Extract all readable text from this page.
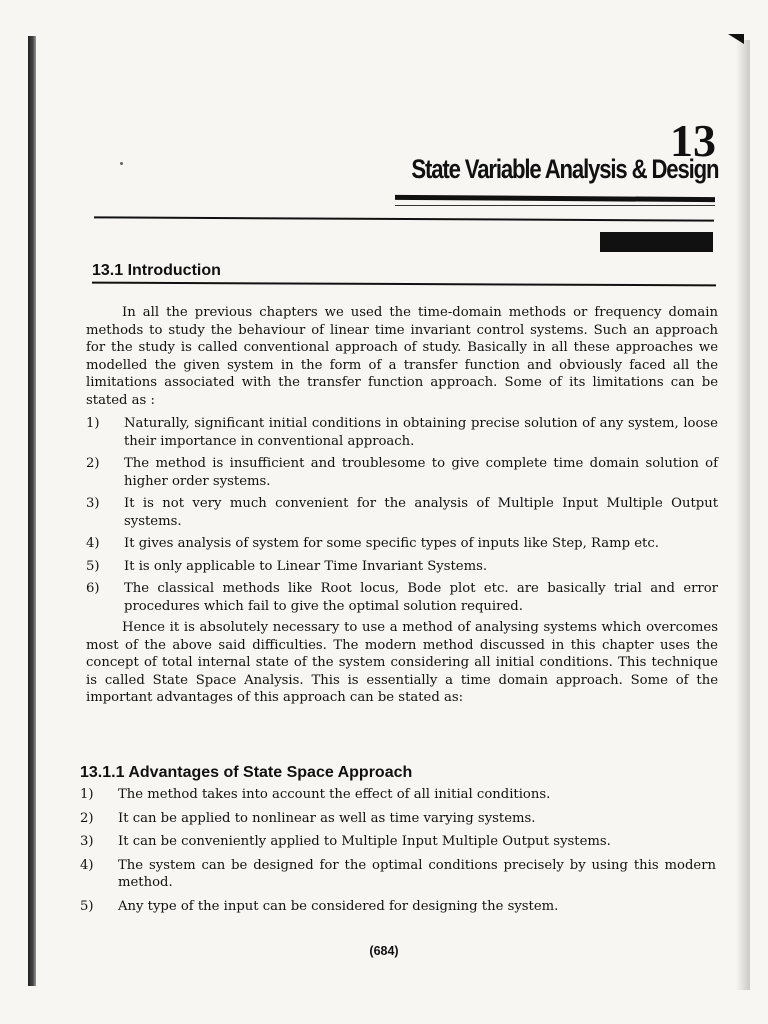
13
State Variable Analysis & Design
13.1 Introduction

In all the previous chapters we used the time-domain methods or frequency domain methods to study the behaviour of linear time invariant control systems. Such an approach for the study is called conventional approach of study. Basically in all these approaches we modelled the given system in the form of a transfer function and obviously faced all the limitations associated with the transfer function approach. Some of its limitations can be stated as :

1)	Naturally, significant initial conditions in obtaining precise solution of any system, loose their importance in conventional approach.
2)	The method is insufficient and troublesome to give complete time domain solution of higher order systems.
3)	It is not very much convenient for the analysis of Multiple Input Multiple Output systems.
4)	It gives analysis of system for some specific types of inputs like Step, Ramp etc.
5)	It is only applicable to Linear Time Invariant Systems.
6)	The classical methods like Root locus, Bode plot etc. are basically trial and error procedures which fail to give the optimal solution required.

Hence it is absolutely necessary to use a method of analysing systems which overcomes most of the above said difficulties. The modern method discussed in this chapter uses the concept of total internal state of the system considering all initial conditions. This technique is called State Space Analysis. This is essentially a time domain approach. Some of the important advantages of this approach can be stated as:

13.1.1 Advantages of State Space Approach
1)	The method takes into account the effect of all initial conditions.
2)	It can be applied to nonlinear as well as time varying systems.
3)	It can be conveniently applied to Multiple Input Multiple Output systems.
4)	The system can be designed for the optimal conditions precisely by using this modern method.
5)	Any type of the input can be considered for designing the system.
(684)
